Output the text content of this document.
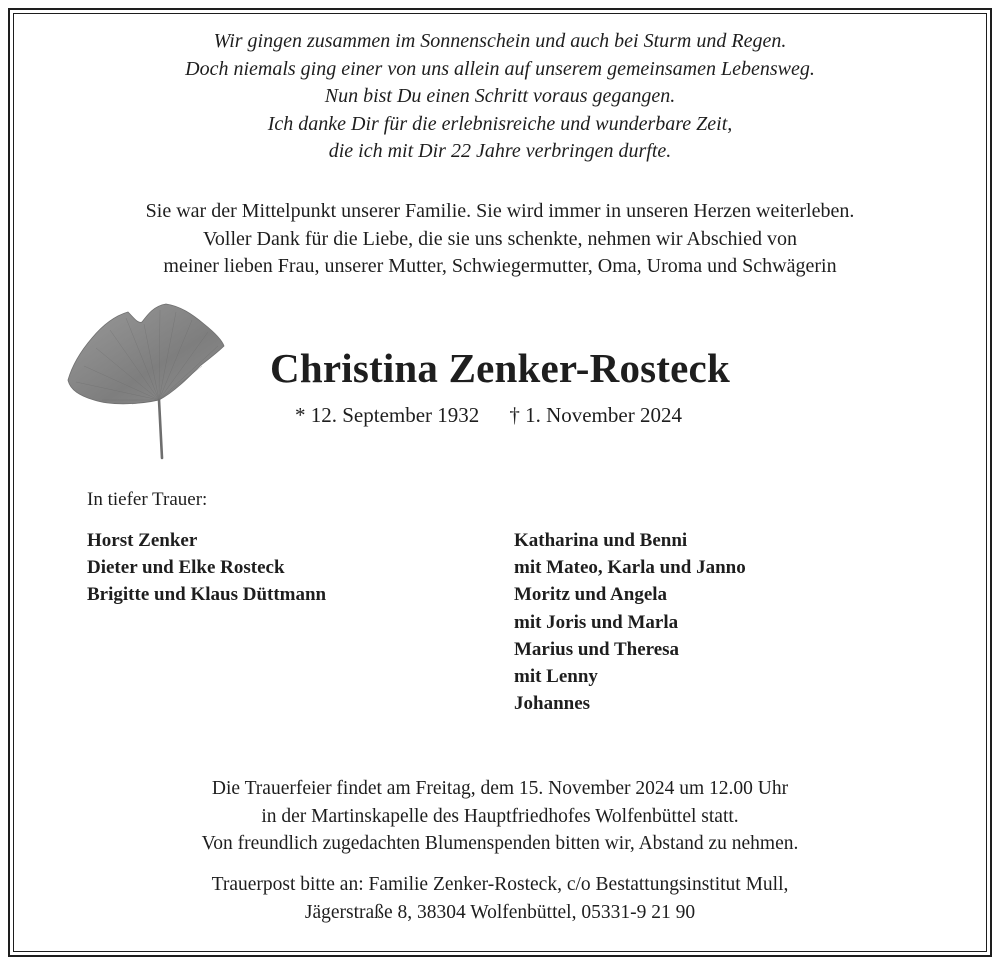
Wir gingen zusammen im Sonnenschein und auch bei Sturm und Regen.
Doch niemals ging einer von uns allein auf unserem gemeinsamen Lebensweg.
Nun bist Du einen Schritt voraus gegangen.
Ich danke Dir für die erlebnisreiche und wunderbare Zeit,
die ich mit Dir 22 Jahre verbringen durfte.
Sie war der Mittelpunkt unserer Familie. Sie wird immer in unseren Herzen weiterleben.
Voller Dank für die Liebe, die sie uns schenkte, nehmen wir Abschied von
meiner lieben Frau, unserer Mutter, Schwiegermutter, Oma, Uroma und Schwägerin
Christina Zenker-Rosteck
* 12. September 1932 † 1. November 2024
In tiefer Trauer:
Horst Zenker
Dieter und Elke Rosteck
Brigitte und Klaus Düttmann
Katharina und Benni
mit Mateo, Karla und Janno
Moritz und Angela
mit Joris und Marla
Marius und Theresa
mit Lenny
Johannes
Die Trauerfeier findet am Freitag, dem 15. November 2024 um 12.00 Uhr
in der Martinskapelle des Hauptfriedhofes Wolfenbüttel statt.
Von freundlich zugedachten Blumenspenden bitten wir, Abstand zu nehmen.
Trauerpost bitte an: Familie Zenker-Rosteck, c/o Bestattungsinstitut Mull,
Jägerstraße 8, 38304 Wolfenbüttel, 05331-9 21 90
